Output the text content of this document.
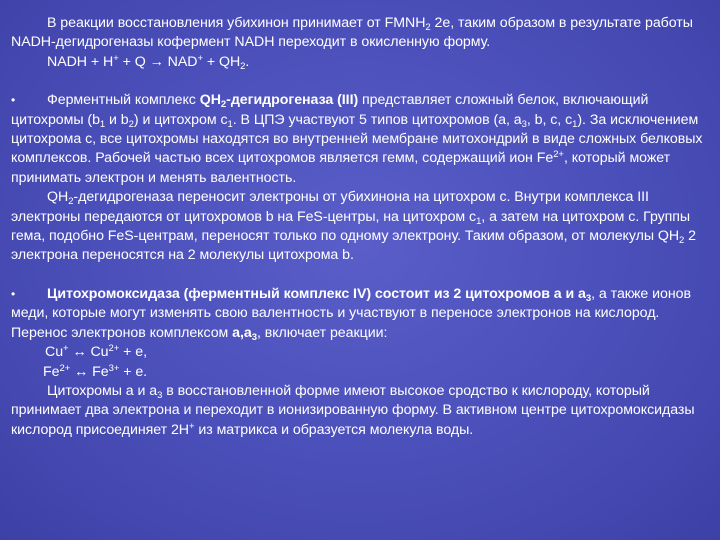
В реакции восстановления убихинон принимает от $FMNH_2$ 2е, таким образом в результате работы NADH-дегидрогеназы кофермент NADH переходит в окисленную форму.

NADH + $H^+ + Q \to NAD^+ + QH_2$.

• Ферментный комплекс $QH_2$-дегидрогеназа (III) представляет сложный белок, включающий цитохромы ($b_1$ и $b_2$) и цитохром $c_1$. В ЦПЭ участвуют 5 типов цитохромов (a, $a_3$, b, c, $c_1$). За исключением цитохрома с, все цитохромы находятся во внутренней мембране митохондрий в виде сложных белковых комплексов. Рабочей частью всех цитохромов является гемм, содержащий ион $Fe^{2+}$, который может принимать электрон и менять валентность.

$QH_2$-дегидрогеназа переносит электроны от убихинона на цитохром с. Внутри комплекса III электроны передаются от цитохромов b на FeS-центры, на цитохром $c_1$, а затем на цитохром с. Группы гема, подобно FeS-центрам, переносят только по одному электрону. Таким образом, от молекулы $QH_2$ 2 электрона переносятся на 2 молекулы цитохрома b.

• Цитохромоксидаза (ферментный комплекс IV) состоит из 2 цитохромов а и $а_3$, а также ионов меди, которые могут изменять свою валентность и участвуют в переносе электронов на кислород. Перенос электронов комплексом $а,а_3$, включает реакции:

Cu+ ↔ $Cu^{2+} + е$,

$Fe^{2+}$ ↔ $Fe^{3+} + е$.

Цитохромы а и $а_3$ в восстановленной форме имеют высокое сродство к кислороду, который принимает два электрона и переходит в ионизированную форму. В активном центре цитохромоксидазы кислород присоединяет 2Н+ из матрикса и образуется молекула воды.
